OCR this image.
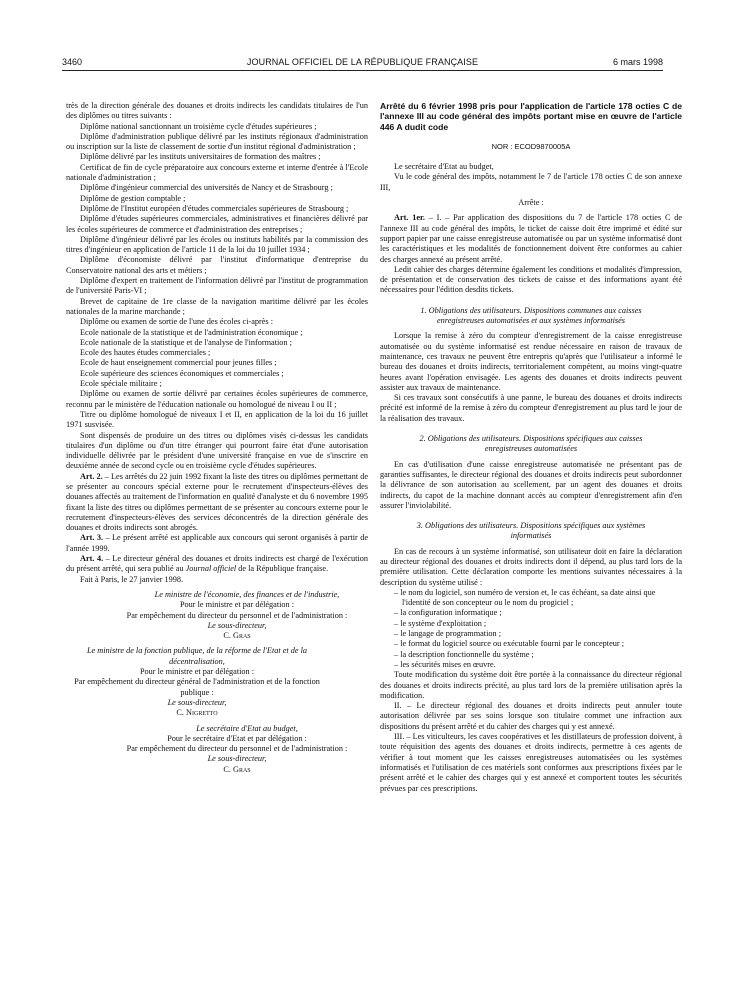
3460	JOURNAL OFFICIEL DE LA RÉPUBLIQUE FRANÇAISE	6 mars 1998

très de la direction générale des douanes et droits indirects les candidats titulaires de l'un des diplômes ou titres suivants :

Diplôme national sanctionnant un troisième cycle d'études supérieures ;

Diplôme d'administration publique délivré par les instituts régionaux d'administration ou inscription sur la liste de classement de sortie d'un institut régional d'administration ;

Diplôme délivré par les instituts universitaires de formation des maîtres ;

Certificat de fin de cycle préparatoire aux concours externe et interne d'entrée à l'Ecole nationale d'administration ;

Diplôme d'ingénieur commercial des universités de Nancy et de Strasbourg ;

Diplôme de gestion comptable ;

Diplôme de l'Institut européen d'études commerciales supérieures de Strasbourg ;

Diplôme d'études supérieures commerciales, administratives et financières délivré par les écoles supérieures de commerce et d'administration des entreprises ;

Diplôme d'ingénieur délivré par les écoles ou instituts habilités par la commission des titres d'ingénieur en application de l'article 11 de la loi du 10 juillet 1934 ;

Diplôme d'économiste délivré par l'institut d'informatique d'entreprise du Conservatoire national des arts et métiers ;

Diplôme d'expert en traitement de l'information délivré par l'institut de programmation de l'université Paris-VI ;

Brevet de capitaine de 1re classe de la navigation maritime délivré par les écoles nationales de la marine marchande ;

Diplôme ou examen de sortie de l'une des écoles ci-après :

Ecole nationale de la statistique et de l'administration économique ;

Ecole nationale de la statistique et de l'analyse de l'information ;

Ecole des hautes études commerciales ;

Ecole de haut enseignement commercial pour jeunes filles ;

Ecole supérieure des sciences économiques et commerciales ;

Ecole spéciale militaire ;

Diplôme ou examen de sortie délivré par certaines écoles supérieures de commerce, reconnu par le ministère de l'éducation nationale ou homologué de niveau I ou II ;

Titre ou diplôme homologué de niveaux I et II, en application de la loi du 16 juillet 1971 susvisée.

Sont dispensés de produire un des titres ou diplômes visés ci-dessus les candidats titulaires d'un diplôme ou d'un titre étranger qui pourront faire état d'une autorisation individuelle délivrée par le président d'une université française en vue de s'inscrire en deuxième année de second cycle ou en troisième cycle d'études supérieures.

Art. 2. – Les arrêtés du 22 juin 1992 fixant la liste des titres ou diplômes permettant de se présenter au concours spécial externe pour le recrutement d'inspecteurs-élèves des douanes affectés au traitement de l'information en qualité d'analyste et du 6 novembre 1995 fixant la liste des titres ou diplômes permettant de se présenter au concours externe pour le recrutement d'inspecteurs-élèves des services déconcentrés de la direction générale des douanes et droits indirects sont abrogés.

Art. 3. – Le présent arrêté est applicable aux concours qui seront organisés à partir de l'année 1999.

Art. 4. – Le directeur général des douanes et droits indirects est chargé de l'exécution du présent arrêté, qui sera publié au Journal officiel de la République française.

Fait à Paris, le 27 janvier 1998.

Le ministre de l'économie, des finances et de l'industrie,

Pour le ministre et par délégation :

Par empêchement du directeur du personnel et de l'administration :

Le sous-directeur,

C. Gras

Le ministre de la fonction publique, de la réforme de l'Etat et de la décentralisation,

Pour le ministre et par délégation :

Par empêchement du directeur général de l'administration et de la fonction publique :

Le sous-directeur,

C. Nigretto

Le secrétaire d'Etat au budget,

Pour le secrétaire d'Etat et par délégation :

Par empêchement du directeur du personnel et de l'administration :

Le sous-directeur,

C. Gras

Arrêté du 6 février 1998 pris pour l'application de l'article 178 octies C de l'annexe III au code général des impôts portant mise en œuvre de l'article 446 A dudit code

NOR : ECOD9870005A

Le secrétaire d'Etat au budget,

Vu le code général des impôts, notamment le 7 de l'article 178 octies C de son annexe III,

Arrête :

Art. 1er. – I. – Par application des dispositions du 7 de l'article 178 octies C de l'annexe III au code général des impôts, le ticket de caisse doit être imprimé et édité sur support papier par une caisse enregistreuse automatisée ou par un système informatisé dont les caractéristiques et les modalités de fonctionnement doivent être conformes au cahier des charges annexé au présent arrêté.

Ledit cahier des charges détermine également les conditions et modalités d'impression, de présentation et de conservation des tickets de caisse et des informations ayant été nécessaires pour l'édition desdits tickets.

1. Obligations des utilisateurs. Dispositions communes aux caisses enregistreuses automatisées et aux systèmes informatisés

Lorsque la remise à zéro du compteur d'enregistrement de la caisse enregistreuse automatisée ou du système informatisé est rendue nécessaire en raison de travaux de maintenance, ces travaux ne peuvent être entrepris qu'après que l'utilisateur a informé le bureau des douanes et droits indirects, territorialement compétent, au moins vingt-quatre heures avant l'opération envisagée. Les agents des douanes et droits indirects peuvent assister aux travaux de maintenance.

Si ces travaux sont consécutifs à une panne, le bureau des douanes et droits indirects précité est informé de la remise à zéro du compteur d'enregistrement au plus tard le jour de la réalisation des travaux.

2. Obligations des utilisateurs. Dispositions spécifiques aux caisses enregistreuses automatisées

En cas d'utilisation d'une caisse enregistreuse automatisée ne présentant pas de garanties suffisantes, le directeur régional des douanes et droits indirects peut subordonner la délivrance de son autorisation au scellement, par un agent des douanes et droits indirects, du capot de la machine donnant accès au compteur d'enregistrement afin d'en assurer l'inviolabilité.

3. Obligations des utilisateurs. Dispositions spécifiques aux systèmes informatisés

En cas de recours à un système informatisé, son utilisateur doit en faire la déclaration au directeur régional des douanes et droits indirects dont il dépend, au plus tard lors de la première utilisation. Cette déclaration comporte les mentions suivantes nécessaires à la description du système utilisé :

– le nom du logiciel, son numéro de version et, le cas échéant, sa date ainsi que l'identité de son concepteur ou le nom du progiciel ;
– la configuration informatique ;
– le système d'exploitation ;
– le langage de programmation ;
– le format du logiciel source ou exécutable fourni par le concepteur ;
– la description fonctionnelle du système ;
– les sécurités mises en œuvre.

Toute modification du système doit être portée à la connaissance du directeur régional des douanes et droits indirects précité, au plus tard lors de la première utilisation après la modification.

II. – Le directeur régional des douanes et droits indirects peut annuler toute autorisation délivrée par ses soins lorsque son titulaire commet une infraction aux dispositions du présent arrêté et du cahier des charges qui y est annexé.

III. – Les viticulteurs, les caves coopératives et les distillateurs de profession doivent, à toute réquisition des agents des douanes et droits indirects, permettre à ces agents de vérifier à tout moment que les caisses enregistreuses automatisées ou les systèmes informatisés et l'utilisation de ces matériels sont conformes aux prescriptions fixées par le présent arrêté et le cahier des charges qui y est annexé et comportent toutes les sécurités prévues par ces prescriptions.
